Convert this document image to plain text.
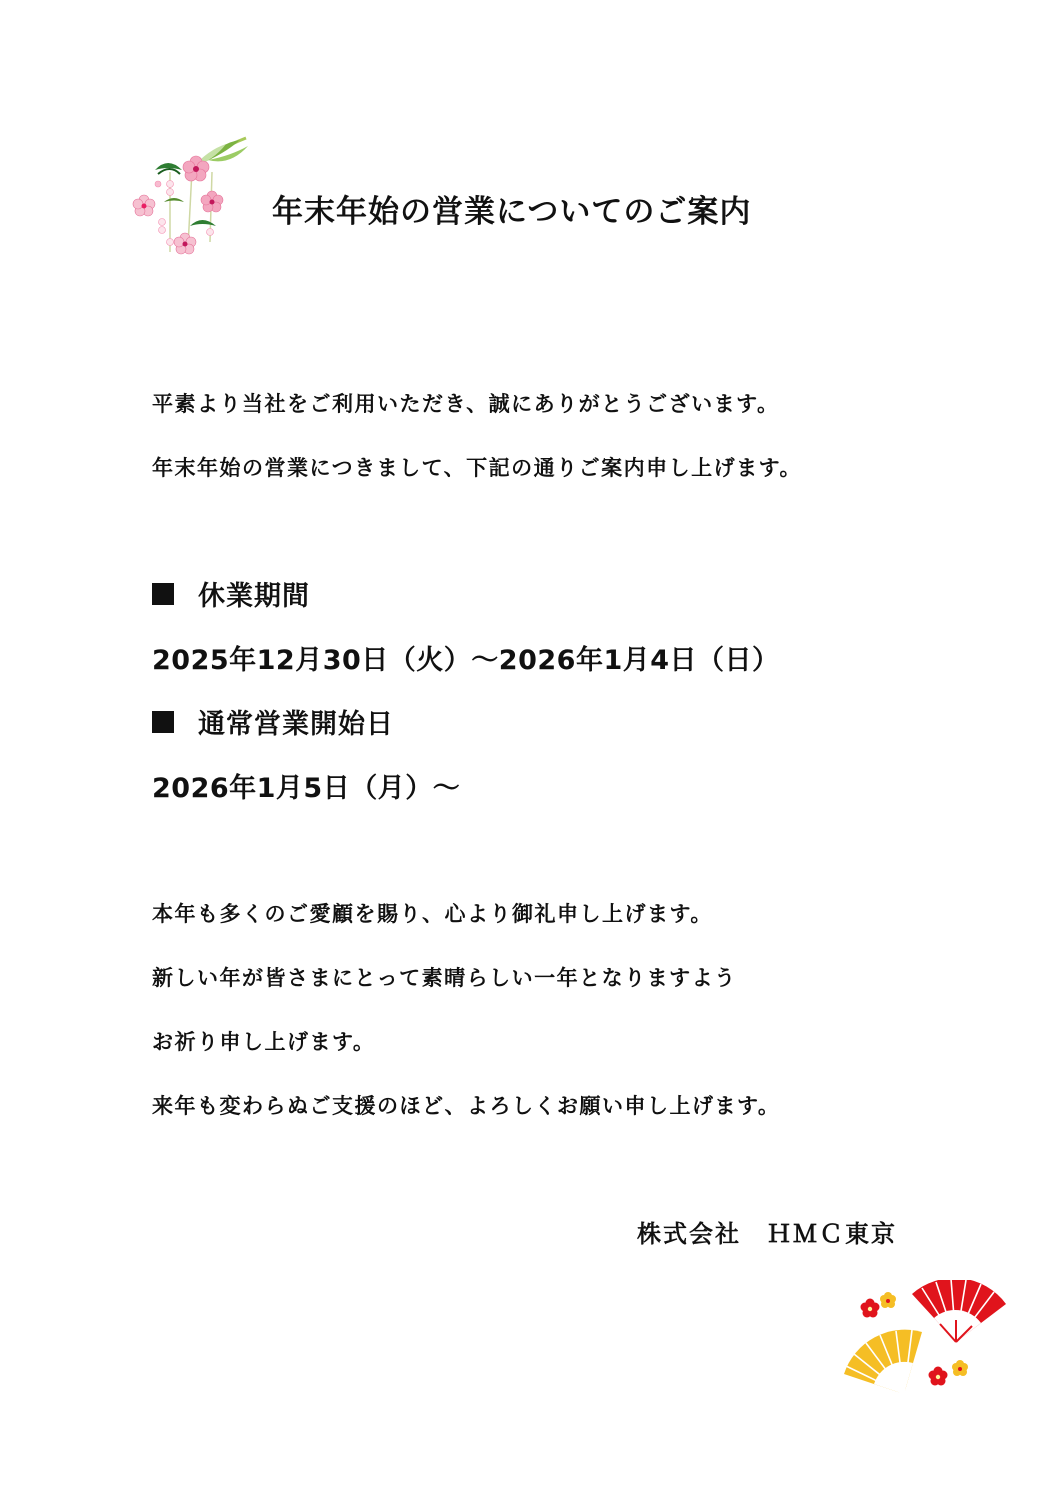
年末年始の営業についてのご案内
平素より当社をご利用いただき、誠にありがとうございます。
年末年始の営業につきまして、下記の通りご案内申し上げます。
休業期間
2025年12月30日（火）～2026年1月4日（日）
通常営業開始日
2026年1月5日（月）～
本年も多くのご愛顧を賜り、心より御礼申し上げます。
新しい年が皆さまにとって素晴らしい一年となりますよう
お祈り申し上げます。
来年も変わらぬご支援のほど、よろしくお願い申し上げます。
株式会社　ＨＭＣ東京
